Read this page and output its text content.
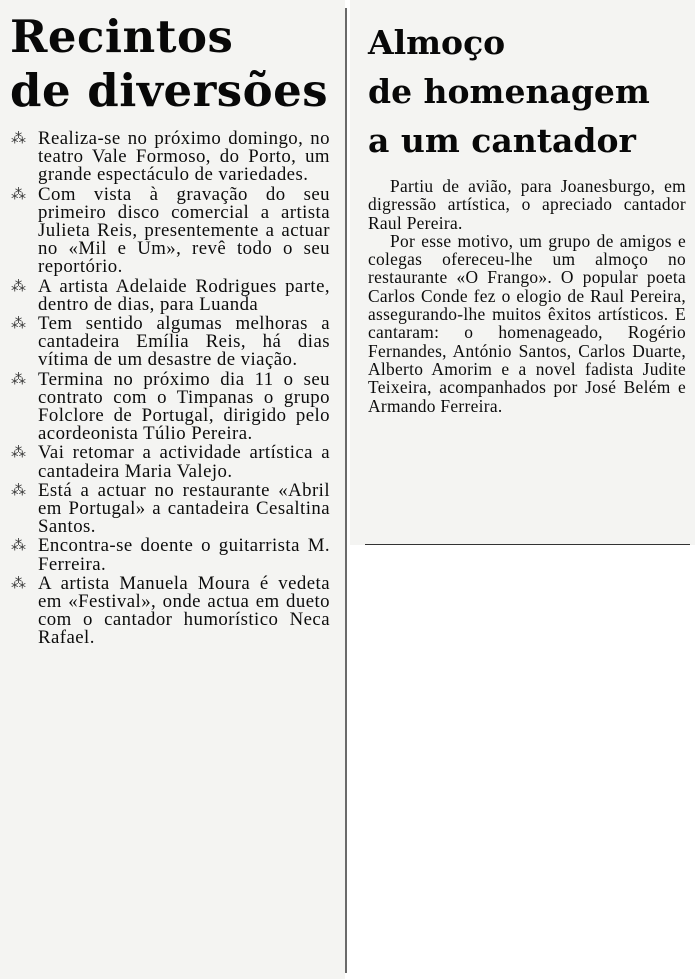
Recintos
de diversões
⁂ Realiza-se no próximo domingo, no teatro Vale Formoso, do Porto, um grande espectáculo de variedades.
⁂ Com vista à gravação do seu primeiro disco comercial a artista Julieta Reis, presentemente a actuar no «Mil e Um», revê todo o seu reportório.
⁂ A artista Adelaide Rodrigues parte, dentro de dias, para Luanda
⁂ Tem sentido algumas melhoras a cantadeira Emília Reis, há dias vítima de um desastre de viação.
⁂ Termina no próximo dia 11 o seu contrato com o Timpanas o grupo Folclore de Portugal, dirigido pelo acordeonista Túlio Pereira.
⁂ Vai retomar a actividade artística a cantadeira Maria Valejo.
⁂ Está a actuar no restaurante «Abril em Portugal» a cantadeira Cesaltina Santos.
⁂ Encontra-se doente o guitarrista M. Ferreira.
⁂ A artista Manuela Moura é vedeta em «Festival», onde actua em dueto com o cantador humorístico Neca Rafael.
Almoço
de homenagem
a um cantador

Partiu de avião, para Joanesburgo, em digressão artística, o apreciado cantador Raul Pereira.

Por esse motivo, um grupo de amigos e colegas ofereceu-lhe um almoço no restaurante «O Frango». O popular poeta Carlos Conde fez o elogio de Raul Pereira, assegurando-lhe muitos êxitos artísticos. E cantaram: o homenageado, Rogério Fernandes, António Santos, Carlos Duarte, Alberto Amorim e a novel fadista Judite Teixeira, acompanhados por José Belém e Armando Ferreira.
